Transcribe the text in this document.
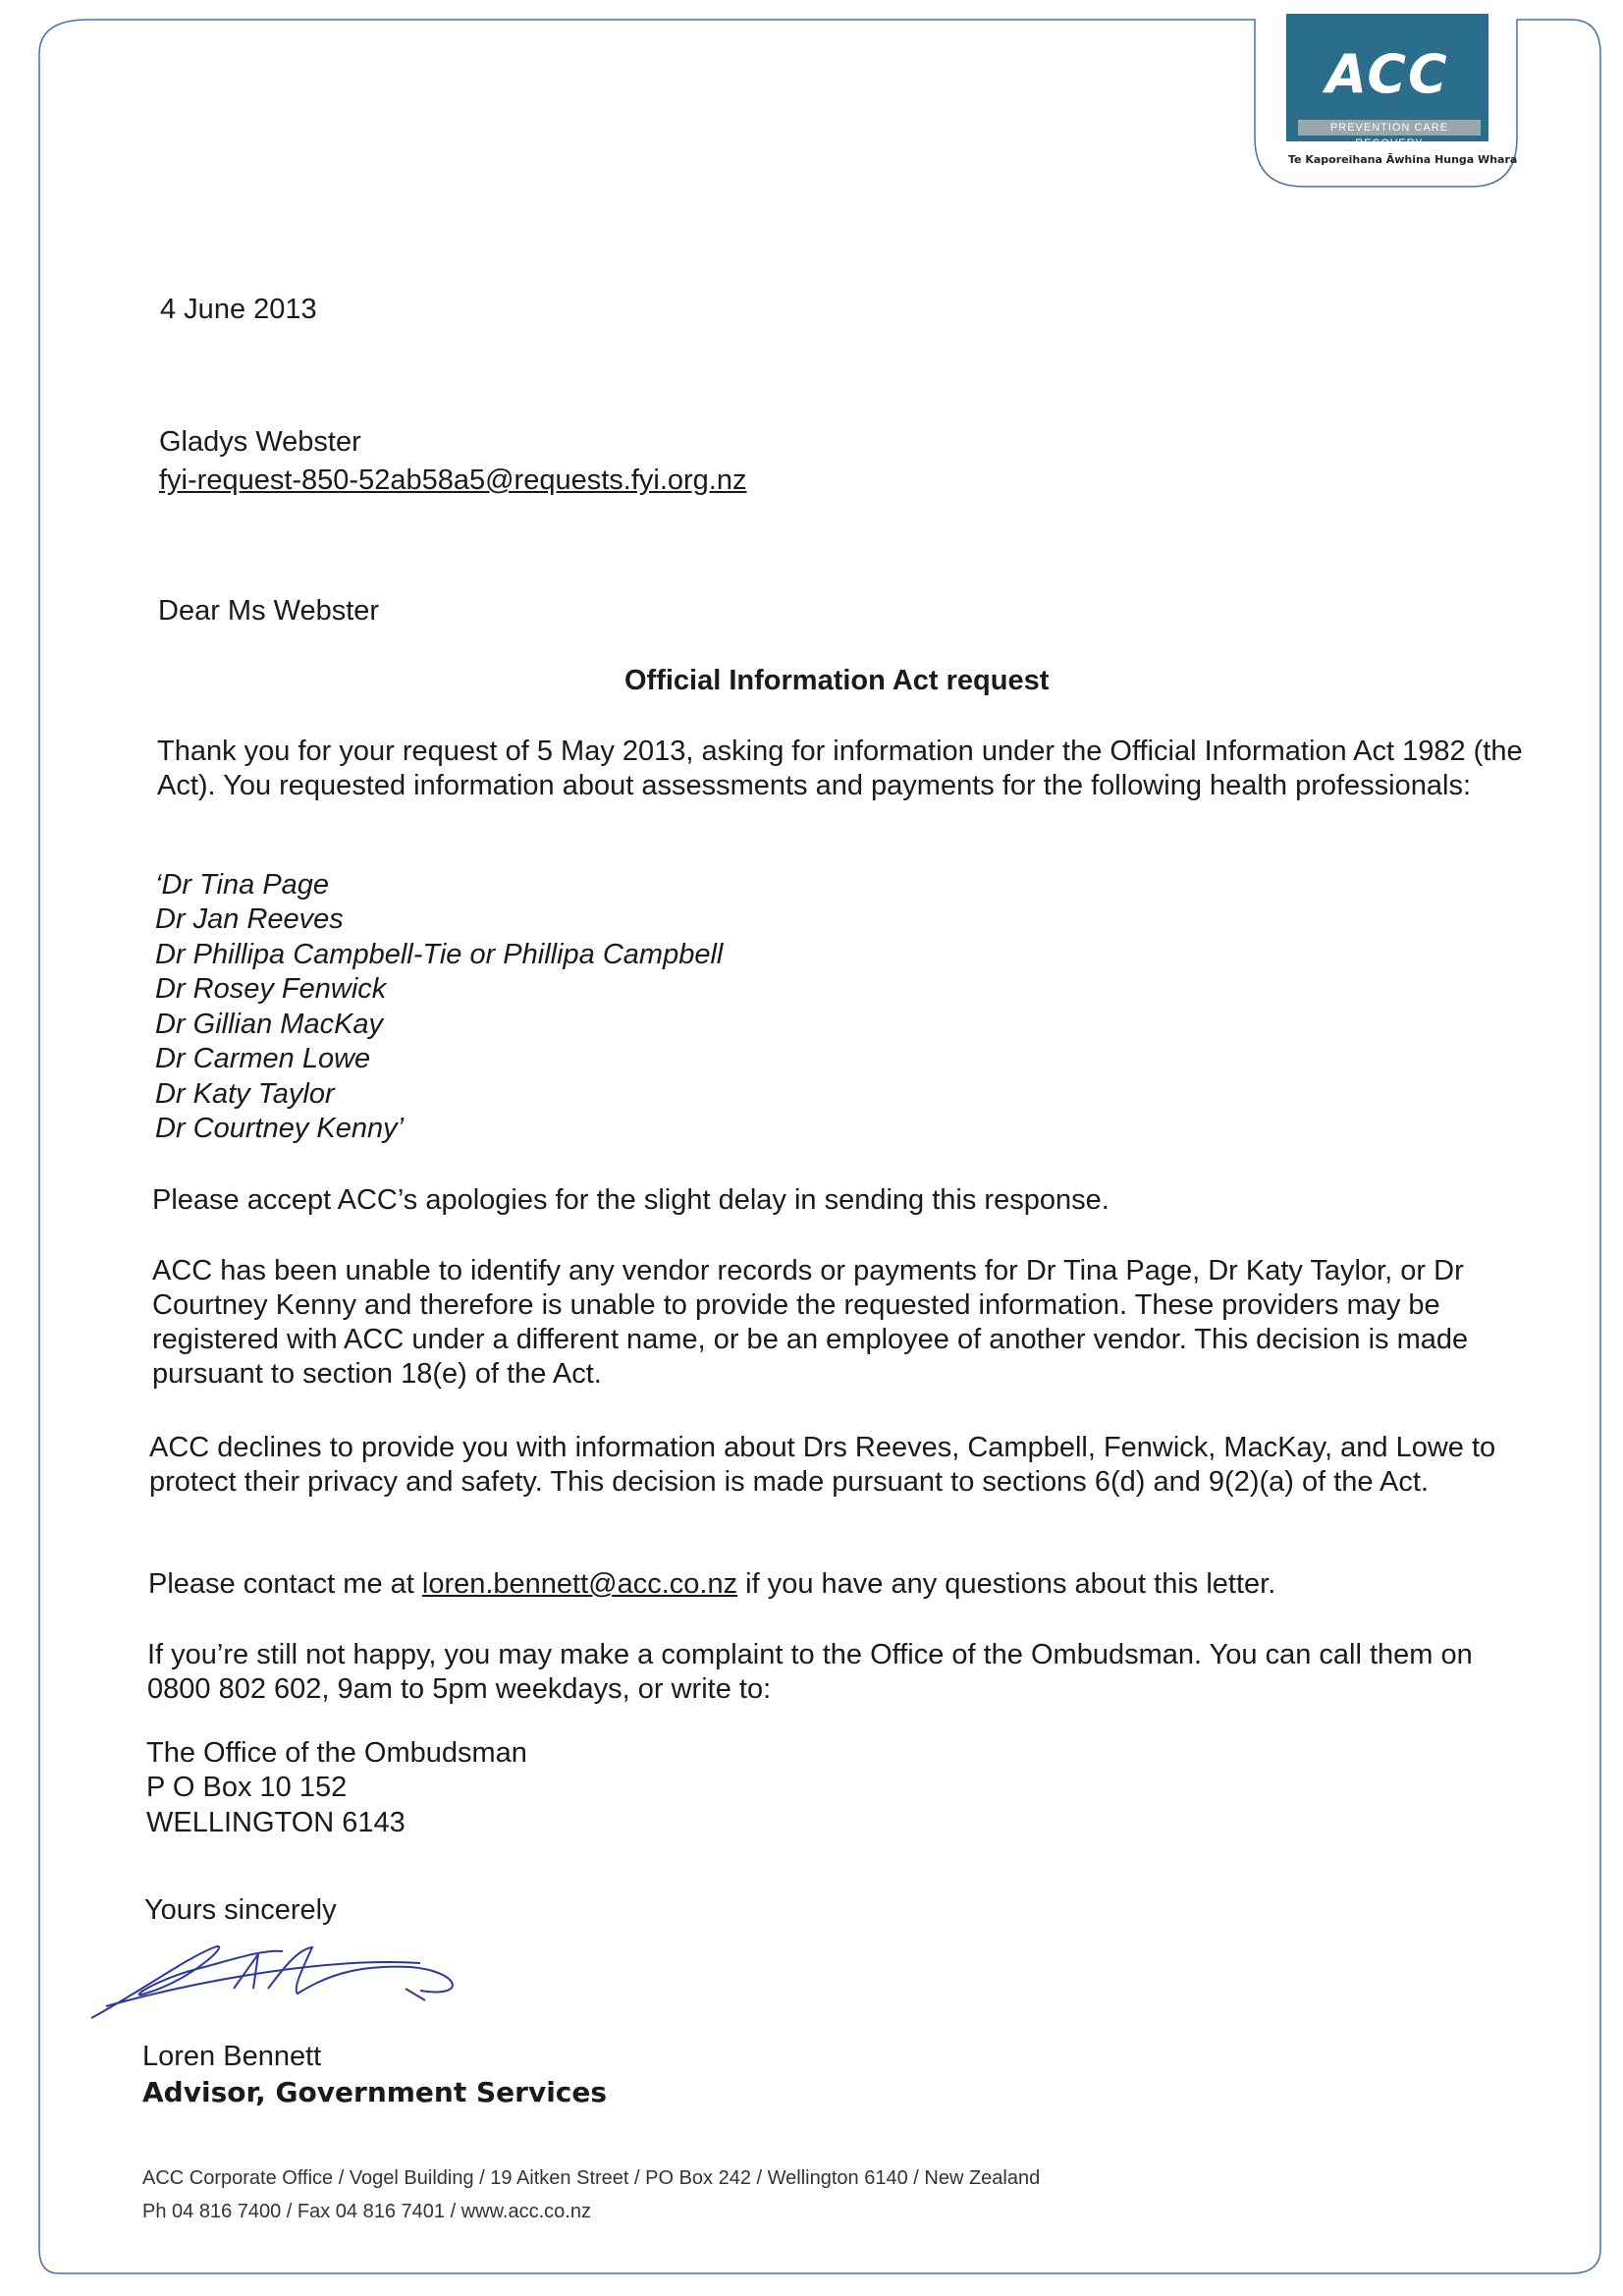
ACC
PREVENTION CARE RECOVERY
Te Kaporeihana Āwhina Hunga Whara
4 June 2013
Gladys Webster
fyi-request-850-52ab58a5@requests.fyi.org.nz
Dear Ms Webster
Official Information Act request
Thank you for your request of 5 May 2013, asking for information under the Official Information Act 1982 (the Act). You requested information about assessments and payments for the following health professionals:
‘Dr Tina Page
Dr Jan Reeves
Dr Phillipa Campbell-Tie or Phillipa Campbell
Dr Rosey Fenwick
Dr Gillian MacKay
Dr Carmen Lowe
Dr Katy Taylor
Dr Courtney Kenny’
Please accept ACC’s apologies for the slight delay in sending this response.
ACC has been unable to identify any vendor records or payments for Dr Tina Page, Dr Katy Taylor, or Dr Courtney Kenny and therefore is unable to provide the requested information. These providers may be registered with ACC under a different name, or be an employee of another vendor. This decision is made pursuant to section 18(e) of the Act.
ACC declines to provide you with information about Drs Reeves, Campbell, Fenwick, MacKay, and Lowe to protect their privacy and safety. This decision is made pursuant to sections 6(d) and 9(2)(a) of the Act.
Please contact me at loren.bennett@acc.co.nz if you have any questions about this letter.
If you’re still not happy, you may make a complaint to the Office of the Ombudsman. You can call them on 0800 802 602, 9am to 5pm weekdays, or write to:
The Office of the Ombudsman
P O Box 10 152
WELLINGTON 6143
Yours sincerely
Loren Bennett
Advisor, Government Services
ACC Corporate Office / Vogel Building / 19 Aitken Street / PO Box 242 / Wellington 6140 / New Zealand
Ph 04 816 7400 / Fax 04 816 7401 / www.acc.co.nz
